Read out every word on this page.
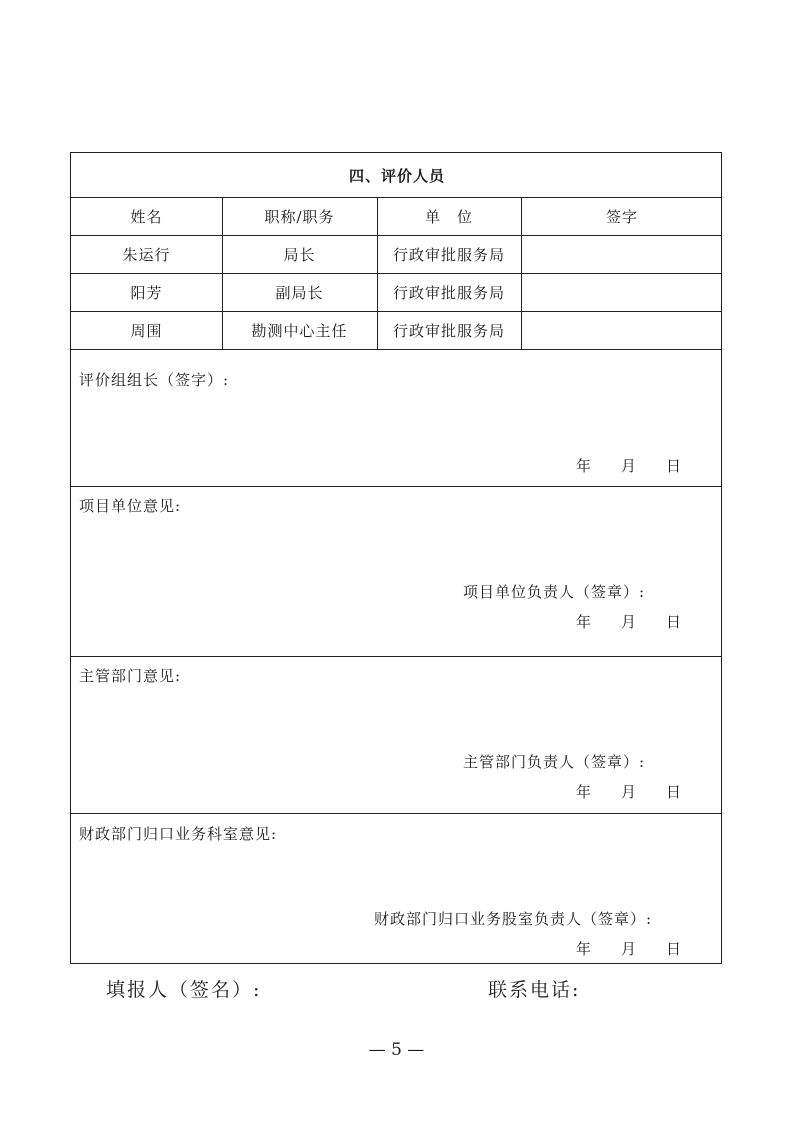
四、评价人员
姓名	职称/职务	单　位	签字
朱运行	局长	行政审批服务局
阳芳	副局长	行政审批服务局
周围	勘测中心主任	行政审批服务局
评价组组长（签字）:
年 月 日
项目单位意见:
项目单位负责人（签章）:
年 月 日
主管部门意见:
主管部门负责人（签章）:
年 月 日
财政部门归口业务科室意见:
财政部门归口业务股室负责人（签章）:
年 月 日
填报人（签名）:	联系电话:
— 5 —
